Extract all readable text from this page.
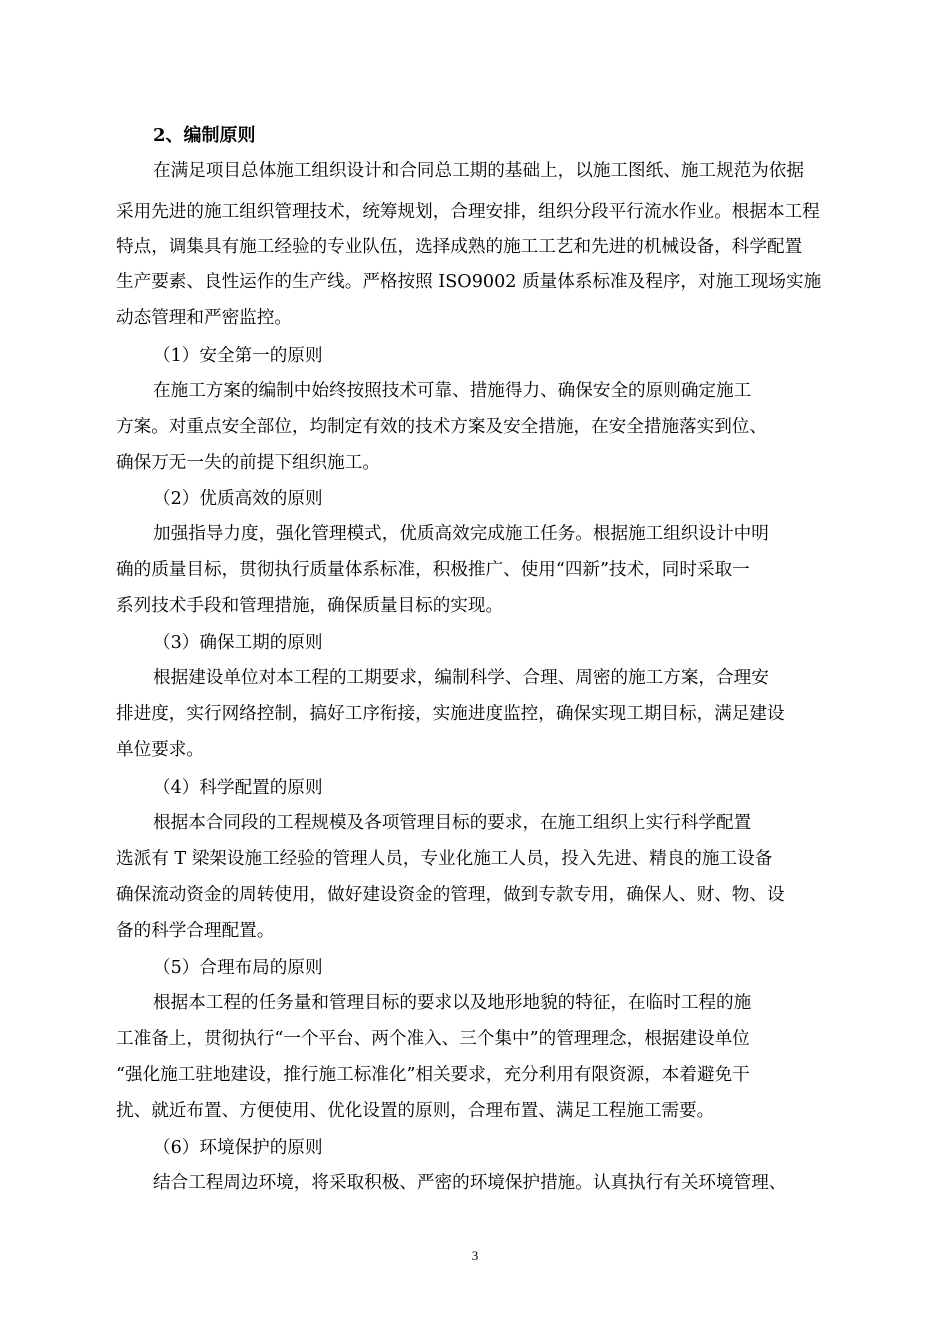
2、编制原则
在满足项目总体施工组织设计和合同总工期的基础上，以施工图纸、施工规范为依据
采用先进的施工组织管理技术，统筹规划，合理安排，组织分段平行流水作业。根据本工程
特点，调集具有施工经验的专业队伍，选择成熟的施工工艺和先进的机械设备，科学配置
生产要素、良性运作的生产线。严格按照 ISO9002 质量体系标准及程序，对施工现场实施
动态管理和严密监控。
（1）安全第一的原则
在施工方案的编制中始终按照技术可靠、措施得力、确保安全的原则确定施工
方案。对重点安全部位，均制定有效的技术方案及安全措施，在安全措施落实到位、
确保万无一失的前提下组织施工。
（2）优质高效的原则
加强指导力度，强化管理模式，优质高效完成施工任务。根据施工组织设计中明
确的质量目标，贯彻执行质量体系标准，积极推广、使用“四新”技术，同时采取一
系列技术手段和管理措施，确保质量目标的实现。
（3）确保工期的原则
根据建设单位对本工程的工期要求，编制科学、合理、周密的施工方案，合理安
排进度，实行网络控制，搞好工序衔接，实施进度监控，确保实现工期目标，满足建设
单位要求。
（4）科学配置的原则
根据本合同段的工程规模及各项管理目标的要求，在施工组织上实行科学配置
选派有 T 梁架设施工经验的管理人员，专业化施工人员，投入先进、精良的施工设备
确保流动资金的周转使用，做好建设资金的管理，做到专款专用，确保人、财、物、设
备的科学合理配置。
（5）合理布局的原则
根据本工程的任务量和管理目标的要求以及地形地貌的特征，在临时工程的施
工准备上，贯彻执行“一个平台、两个准入、三个集中”的管理理念，根据建设单位
“强化施工驻地建设，推行施工标准化”相关要求，充分利用有限资源，本着避免干
扰、就近布置、方便使用、优化设置的原则，合理布置、满足工程施工需要。
（6）环境保护的原则
结合工程周边环境，将采取积极、严密的环境保护措施。认真执行有关环境管理、
3
